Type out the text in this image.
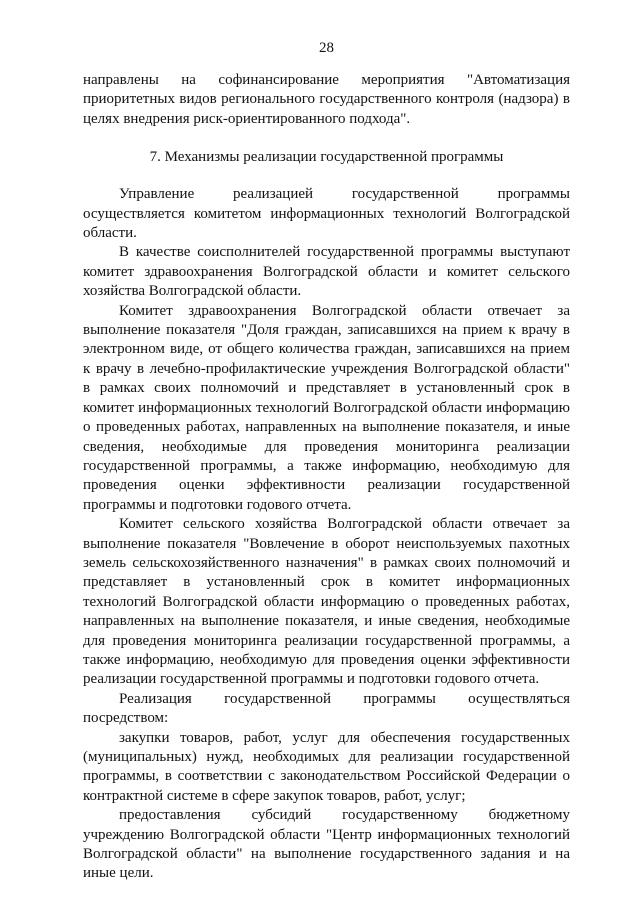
28

направлены на софинансирование мероприятия "Автоматизация приоритетных видов регионального государственного контроля (надзора) в целях внедрения риск-ориентированного подхода".

7. Механизмы реализации государственной программы

Управление реализацией государственной программы осуществляется комитетом информационных технологий Волгоградской области.

В качестве соисполнителей государственной программы выступают комитет здравоохранения Волгоградской области и комитет сельского хозяйства Волгоградской области.

Комитет здравоохранения Волгоградской области отвечает за выполнение показателя "Доля граждан, записавшихся на прием к врачу в электронном виде, от общего количества граждан, записавшихся на прием к врачу в лечебно-профилактические учреждения Волгоградской области" в рамках своих полномочий и представляет в установленный срок в комитет информационных технологий Волгоградской области информацию о проведенных работах, направленных на выполнение показателя, и иные сведения, необходимые для проведения мониторинга реализации государственной программы, а также информацию, необходимую для проведения оценки эффективности реализации государственной программы и подготовки годового отчета.

Комитет сельского хозяйства Волгоградской области отвечает за выполнение показателя "Вовлечение в оборот неиспользуемых пахотных земель сельскохозяйственного назначения" в рамках своих полномочий и представляет в установленный срок в комитет информационных технологий Волгоградской области информацию о проведенных работах, направленных на выполнение показателя, и иные сведения, необходимые для проведения мониторинга реализации государственной программы, а также информацию, необходимую для проведения оценки эффективности реализации государственной программы и подготовки годового отчета.

Реализация государственной программы осуществляться посредством:

закупки товаров, работ, услуг для обеспечения государственных (муниципальных) нужд, необходимых для реализации государственной программы, в соответствии с законодательством Российской Федерации о контрактной системе в сфере закупок товаров, работ, услуг;

предоставления субсидий государственному бюджетному учреждению Волгоградской области "Центр информационных технологий Волгоградской области" на выполнение государственного задания и на иные цели.
